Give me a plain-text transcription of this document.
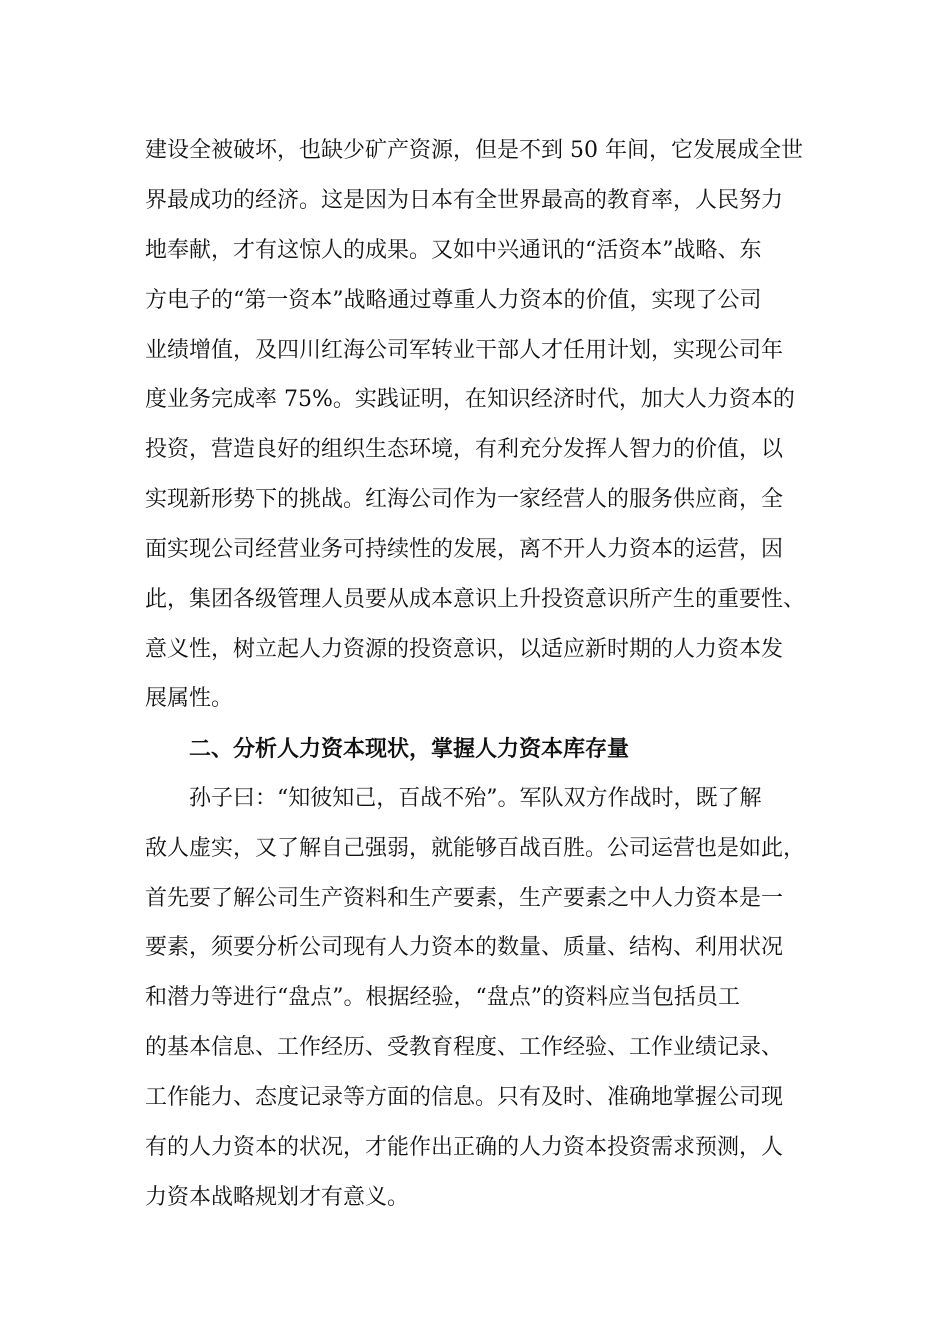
建设全被破坏，也缺少矿产资源，但是不到 50 年间，它发展成全世
界最成功的经济。这是因为日本有全世界最高的教育率，人民努力
地奉献，才有这惊人的成果。又如中兴通讯的“活资本”战略、东
方电子的“第一资本”战略通过尊重人力资本的价值，实现了公司
业绩增值，及四川红海公司军转业干部人才任用计划，实现公司年
度业务完成率 75%。实践证明，在知识经济时代，加大人力资本的
投资，营造良好的组织生态环境，有利充分发挥人智力的价值，以
实现新形势下的挑战。红海公司作为一家经营人的服务供应商，全
面实现公司经营业务可持续性的发展，离不开人力资本的运营，因
此，集团各级管理人员要从成本意识上升投资意识所产生的重要性、
意义性，树立起人力资源的投资意识，以适应新时期的人力资本发
展属性。
二、分析人力资本现状，掌握人力资本库存量
孙子曰：“知彼知己，百战不殆”。军队双方作战时，既了解
敌人虚实，又了解自己强弱，就能够百战百胜。公司运营也是如此，
首先要了解公司生产资料和生产要素，生产要素之中人力资本是一
要素，须要分析公司现有人力资本的数量、质量、结构、利用状况
和潜力等进行“盘点”。根据经验，“盘点”的资料应当包括员工
的基本信息、工作经历、受教育程度、工作经验、工作业绩记录、
工作能力、态度记录等方面的信息。只有及时、准确地掌握公司现
有的人力资本的状况，才能作出正确的人力资本投资需求预测，人
力资本战略规划才有意义。
